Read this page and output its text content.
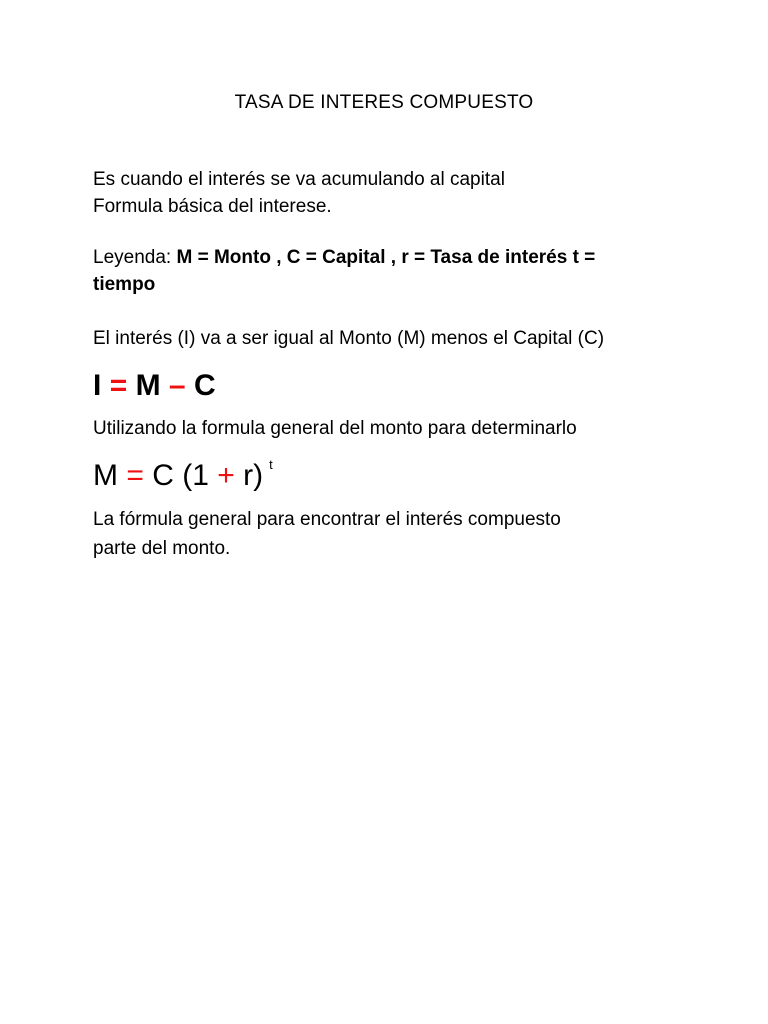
TASA DE INTERES COMPUESTO
Es cuando el interés se va acumulando al capital
Formula básica del interese.
Leyenda: M = Monto , C = Capital , r = Tasa de interés t =
tiempo
El interés (I) va a ser igual al Monto (M) menos el Capital (C)
I = M – C
Utilizando la formula general del monto para determinarlo
M = C (1 + r) $^t$
La fórmula general para encontrar el interés compuesto
parte del monto.
